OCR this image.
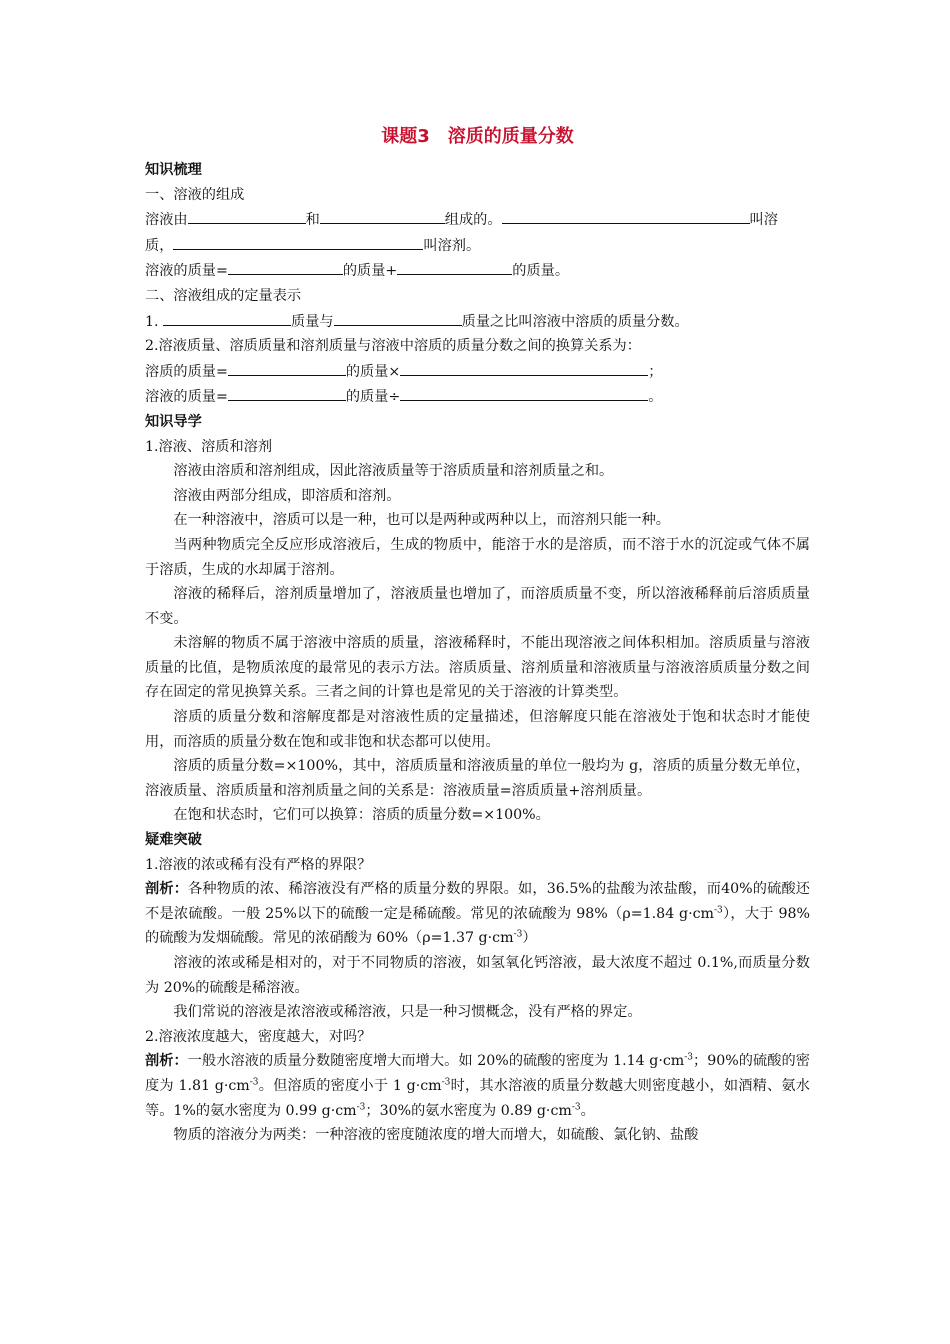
课题3　溶质的质量分数

知识梳理

一、溶液的组成

溶液由	和	组成的。	叫溶

质，	叫溶剂。

溶液的质量=	的质量+	的质量。

二、溶液组成的定量表示

1.	质量与	质量之比叫溶液中溶质的质量分数。

2.溶液质量、溶质质量和溶剂质量与溶液中溶质的质量分数之间的换算关系为：

溶质的质量=	的质量×	；

溶液的质量=	的质量÷	。

知识导学

1.溶液、溶质和溶剂

溶液由溶质和溶剂组成，因此溶液质量等于溶质质量和溶剂质量之和。

溶液由两部分组成，即溶质和溶剂。

在一种溶液中，溶质可以是一种，也可以是两种或两种以上，而溶剂只能一种。

当两种物质完全反应形成溶液后，生成的物质中，能溶于水的是溶质，而不溶于水的沉淀或气体不属于溶质，生成的水却属于溶剂。

溶液的稀释后，溶剂质量增加了，溶液质量也增加了，而溶质质量不变，所以溶液稀释前后溶质质量不变。

未溶解的物质不属于溶液中溶质的质量，溶液稀释时，不能出现溶液之间体积相加。溶质质量与溶液质量的比值，是物质浓度的最常见的表示方法。溶质质量、溶剂质量和溶液质量与溶液溶质质量分数之间存在固定的常见换算关系。三者之间的计算也是常见的关于溶液的计算类型。

溶质的质量分数和溶解度都是对溶液性质的定量描述，但溶解度只能在溶液处于饱和状态时才能使用，而溶质的质量分数在饱和或非饱和状态都可以使用。

溶质的质量分数=×100%，其中，溶质质量和溶液质量的单位一般均为 g，溶质的质量分数无单位，溶液质量、溶质质量和溶剂质量之间的关系是：溶液质量=溶质质量+溶剂质量。

在饱和状态时，它们可以换算：溶质的质量分数=×100%。

疑难突破

1.溶液的浓或稀有没有严格的界限？

剖析：各种物质的浓、稀溶液没有严格的质量分数的界限。如，36.5%的盐酸为浓盐酸，而40%的硫酸还不是浓硫酸。一般 25%以下的硫酸一定是稀硫酸。常见的浓硫酸为 98%（ρ=1.84 $g\cdot cm^{-3}$），大于 98%的硫酸为发烟硫酸。常见的浓硝酸为 60%（ρ=1.37 $g\cdot cm^{-3}$）

溶液的浓或稀是相对的，对于不同物质的溶液，如氢氧化钙溶液，最大浓度不超过 0.1%,而质量分数为 20%的硫酸是稀溶液。

我们常说的溶液是浓溶液或稀溶液，只是一种习惯概念，没有严格的界定。

2.溶液浓度越大，密度越大，对吗？

剖析：一般水溶液的质量分数随密度增大而增大。如 20%的硫酸的密度为 1.14 $g\cdot cm^{-3}$；90%的硫酸的密度为 1.81 $g\cdot cm^{-3}$。但溶质的密度小于 1 $g\cdot cm^{-3}$时，其水溶液的质量分数越大则密度越小，如酒精、氨水等。1%的氨水密度为 0.99 $g\cdot cm^{-3}$；30%的氨水密度为 0.89 $g\cdot cm^{-3}$。

物质的溶液分为两类：一种溶液的密度随浓度的增大而增大，如硫酸、氯化钠、盐酸
